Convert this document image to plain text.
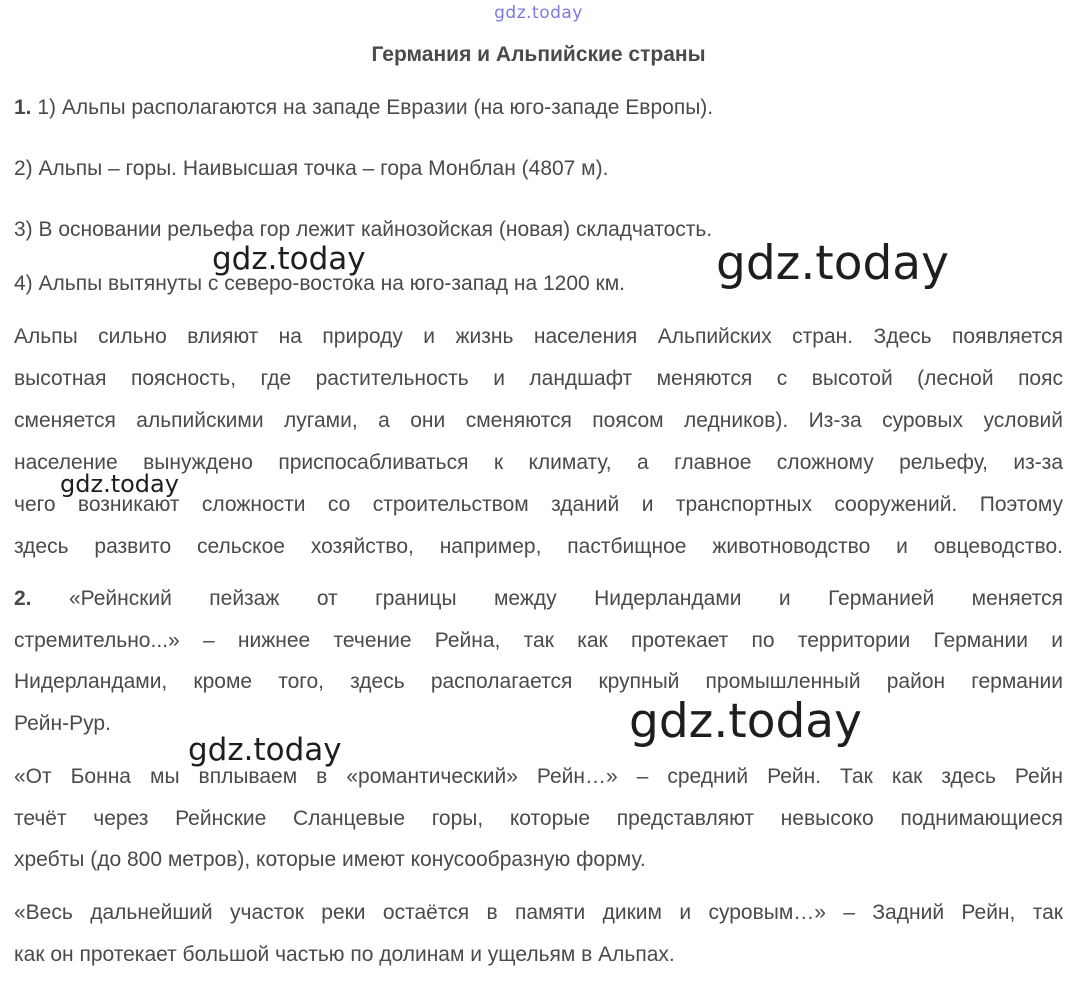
gdz.today
Германия и Альпийские страны
1. 1) Альпы располагаются на западе Евразии (на юго-западе Европы).
2) Альпы – горы. Наивысшая точка – гора Монблан (4807 м).
3) В основании рельефа гор лежит кайнозойская (новая) складчатость.
4) Альпы вытянуты с северо-востока на юго-запад на 1200 км.
Альпы сильно влияют на природу и жизнь населения Альпийских стран. Здесь появляется
высотная поясность, где растительность и ландшафт меняются с высотой (лесной пояс
сменяется альпийскими лугами, а они сменяются поясом ледников). Из-за суровых условий
население вынуждено приспосабливаться к климату, а главное сложному рельефу, из-за
чего возникают сложности со строительством зданий и транспортных сооружений. Поэтому
здесь развито сельское хозяйство, например, пастбищное животноводство и овцеводство.
2. «Рейнский пейзаж от границы между Нидерландами и Германией меняется
стремительно...» – нижнее течение Рейна, так как протекает по территории Германии и
Нидерландами, кроме того, здесь располагается крупный промышленный район германии
Рейн-Рур.
«От Бонна мы вплываем в «романтический» Рейн…» – средний Рейн. Так как здесь Рейн
течёт через Рейнские Сланцевые горы, которые представляют невысоко поднимающиеся
хребты (до 800 метров), которые имеют конусообразную форму.
«Весь дальнейший участок реки остаётся в памяти диким и суровым…» – Задний Рейн, так
как он протекает большой частью по долинам и ущельям в Альпах.
gdz.today	gdz.today
gdz.today
gdz.today
gdz.today
